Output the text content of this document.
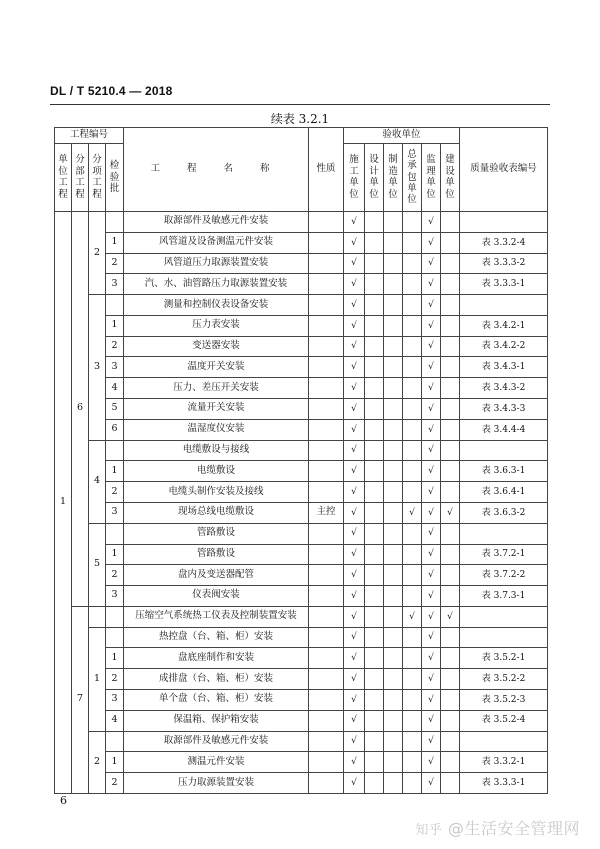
DL / T 5210.4 — 2018
续表 3.2.1
工程编号				工 程 名 称	性质	验收单位						质量验收表编号
单位工程	分部工程	分项工程	检验批			施工单位	设计单位	制造单位	总承包单位	监理单位	建设单位	
1	6	2		取源部件及敏感元件安装		√				√		
			1	风管道及设备测温元件安装		√				√		表 3.3.2-4
			2	风管道压力取源装置安装		√				√		表 3.3.3-2
			3	汽、水、油管路压力取源装置安装		√				√		表 3.3.3-1
		3		测量和控制仪表设备安装		√				√		
			1	压力表安装		√				√		表 3.4.2-1
			2	变送器安装		√				√		表 3.4.2-2
			3	温度开关安装		√				√		表 3.4.3-1
			4	压力、差压开关安装		√				√		表 3.4.3-2
			5	流量开关安装		√				√		表 3.4.3-3
			6	温湿度仪安装		√				√		表 3.4.4-4
		4		电缆敷设与接线		√				√		
			1	电缆敷设		√				√		表 3.6.3-1
			2	电缆头制作安装及接线		√				√		表 3.6.4-1
			3	现场总线电缆敷设	主控	√			√	√	√	表 3.6.3-2
		5		管路敷设		√				√		
			1	管路敷设		√				√		表 3.7.2-1
			2	盘内及变送器配管		√				√		表 3.7.2-2
			3	仪表阀安装		√				√		表 3.7.3-1
	7			压缩空气系统热工仪表及控制装置安装		√			√	√	√	
		1		热控盘（台、箱、柜）安装		√				√		
			1	盘底座制作和安装		√				√		表 3.5.2-1
			2	成排盘（台、箱、柜）安装		√				√		表 3.5.2-2
			3	单个盘（台、箱、柜）安装		√				√		表 3.5.2-3
			4	保温箱、保护箱安装		√				√		表 3.5.2-4
		2		取源部件及敏感元件安装		√				√		
			1	测温元件安装		√				√		表 3.3.2-1
			2	压力取源装置安装		√				√		表 3.3.3-1
6
知乎 @生活安全管理网
